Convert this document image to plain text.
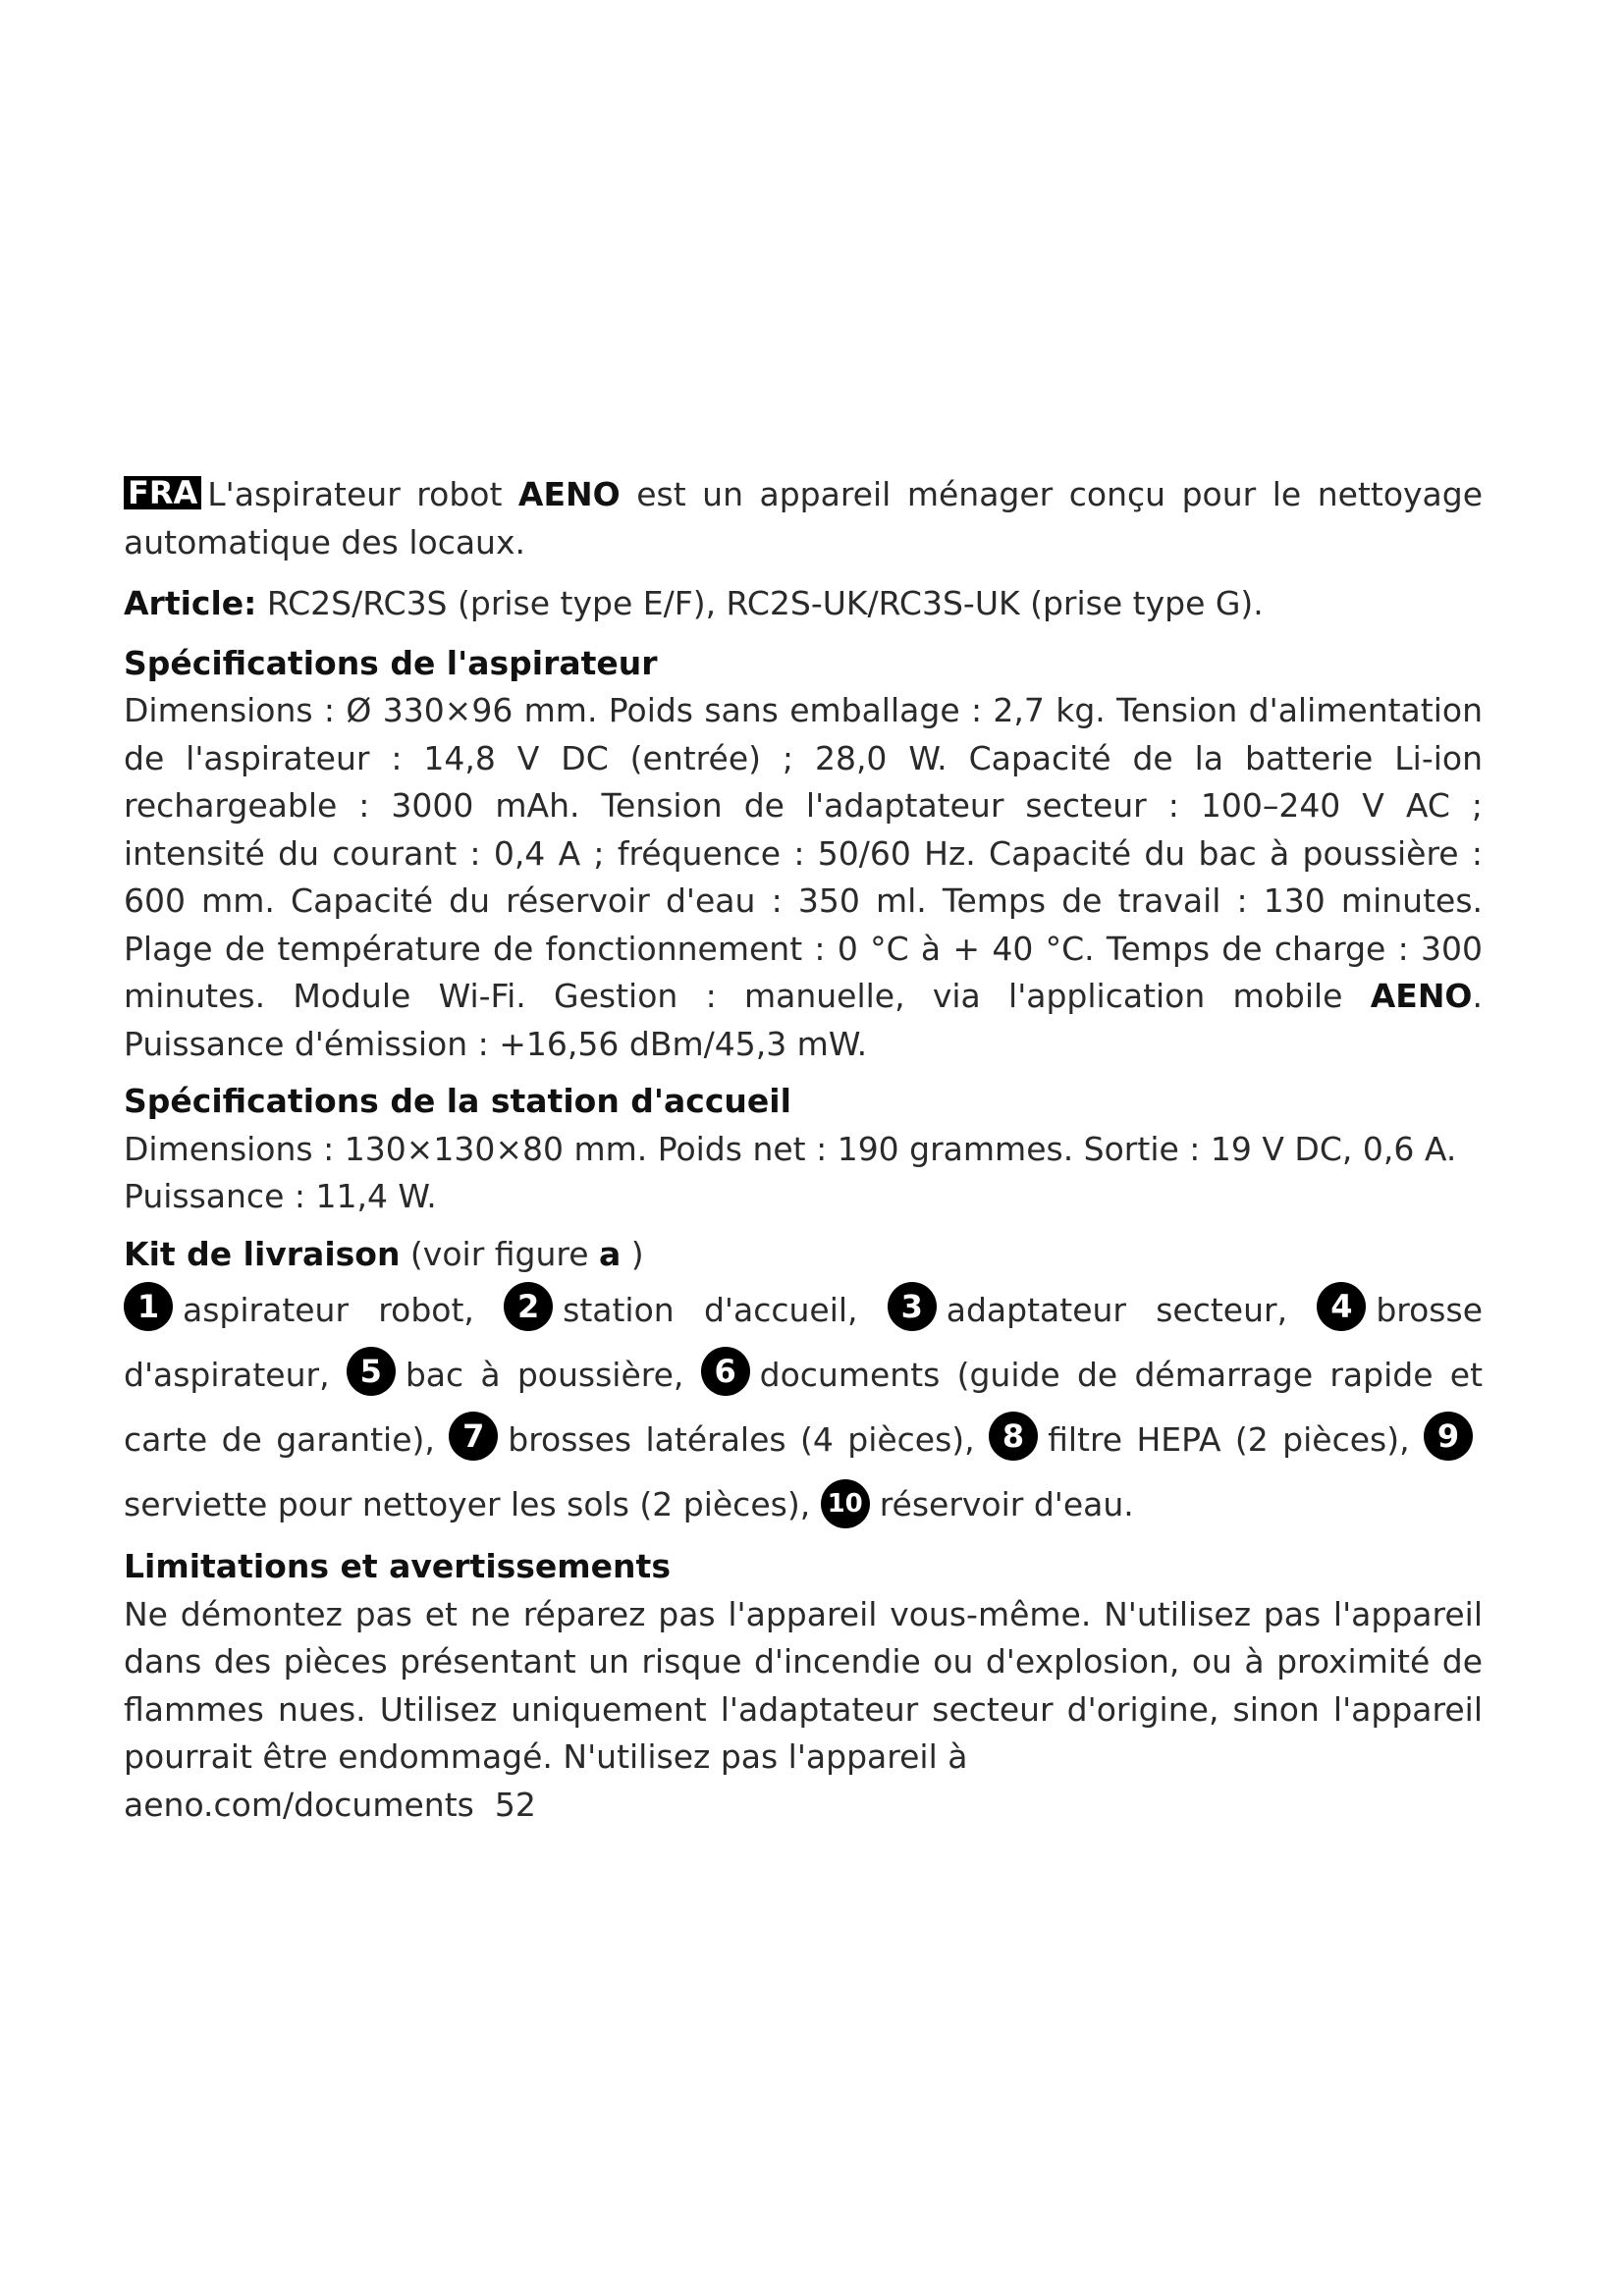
FRA L'aspirateur robot AENO est un appareil ménager conçu pour le nettoyage automatique des locaux.

Article: RC2S/RC3S (prise type E/F), RC2S-UK/RC3S-UK (prise type G).

Spécifications de l'aspirateur

Dimensions : Ø 330×96 mm. Poids sans emballage : 2,7 kg. Tension d'alimentation de l'aspirateur : 14,8 V DC (entrée) ; 28,0 W. Capacité de la batterie Li-ion rechargeable : 3000 mAh. Tension de l'adaptateur secteur : 100–240 V AC ; intensité du courant : 0,4 A ; fréquence : 50/60 Hz. Capacité du bac à poussière : 600 mm. Capacité du réservoir d'eau : 350 ml. Temps de travail : 130 minutes. Plage de température de fonctionnement : 0 °C à + 40 °C. Temps de charge : 300 minutes. Module Wi-Fi. Gestion : manuelle, via l'application mobile AENO. Puissance d'émission : +16,56 dBm/45,3 mW.

Spécifications de la station d'accueil

Dimensions : 130×130×80 mm. Poids net : 190 grammes. Sortie : 19 V DC, 0,6 A. Puissance : 11,4 W.

Kit de livraison (voir figure a )

1 aspirateur robot, 2 station d'accueil, 3 adaptateur secteur, 4 brosse d'aspirateur, 5 bac à poussière, 6 documents (guide de démarrage rapide et carte de garantie), 7 brosses latérales (4 pièces), 8 filtre HEPA (2 pièces), 9serviette pour nettoyer les sols (2 pièces), 10 réservoir d'eau.

Limitations et avertissements

Ne démontez pas et ne réparez pas l'appareil vous-même. N'utilisez pas l'appareil dans des pièces présentant un risque d'incendie ou d'explosion, ou à proximité de flammes nues. Utilisez uniquement l'adaptateur secteur d'origine, sinon l'appareil pourrait être endommagé. N'utilisez pas l'appareil à

aeno.com/documents 52
